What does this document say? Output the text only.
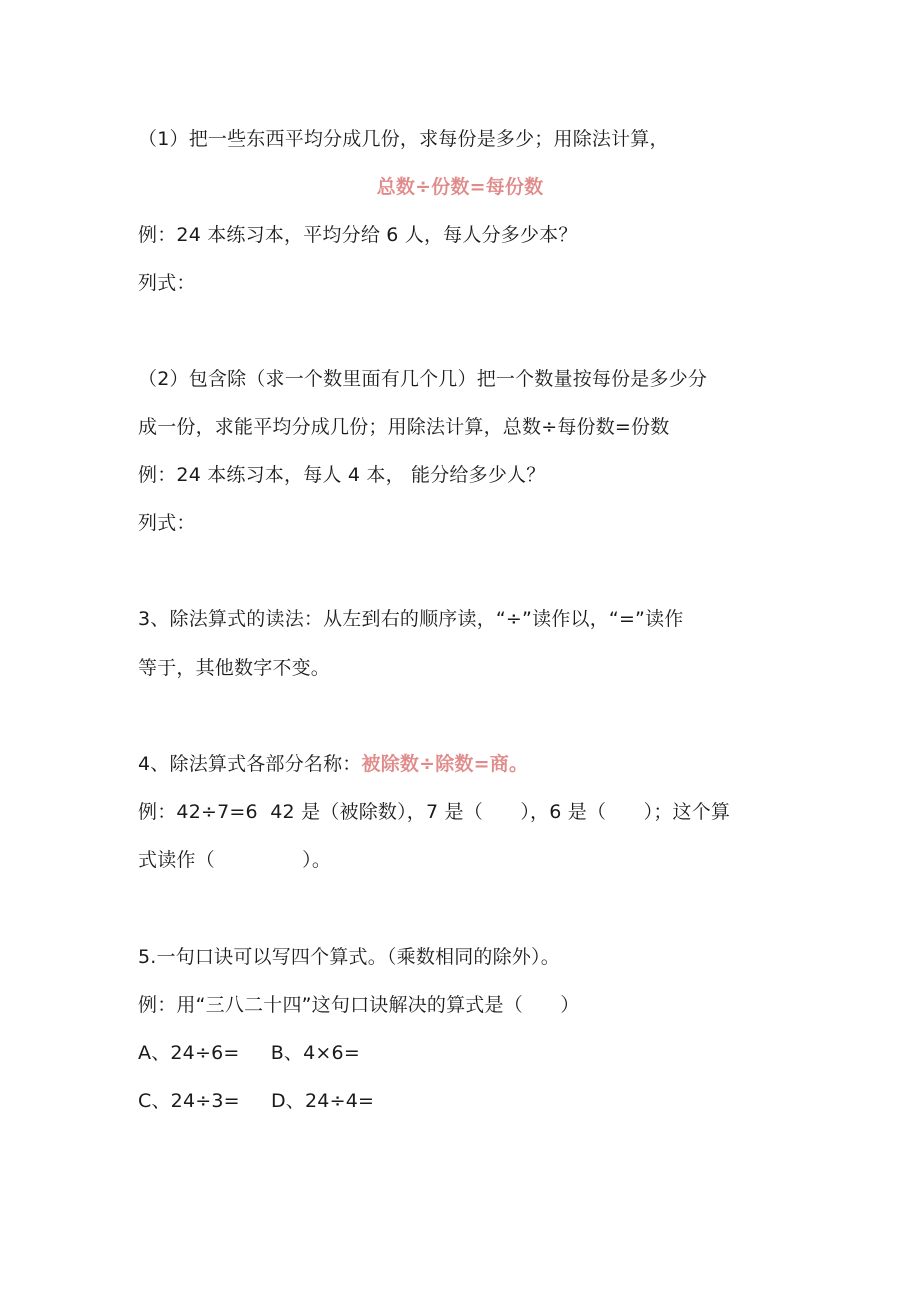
（1）把一些东西平均分成几份，求每份是多少；用除法计算，
总数÷份数=每份数
例：24 本练习本，平均分给 6 人，每人分多少本？
列式：
（2）包含除（求一个数里面有几个几）把一个数量按每份是多少分
成一份，求能平均分成几份；用除法计算，总数÷每份数=份数
例：24 本练习本，每人 4 本， 能分给多少人？
列式：
3、除法算式的读法：从左到右的顺序读，“÷”读作以，“=”读作
等于，其他数字不变。
4、除法算式各部分名称：被除数÷除数=商。
例：42÷7=6  42 是（被除数），7 是（      ），6 是（      ）；这个算
式读作（              ）。
5.一句口诀可以写四个算式。（乘数相同的除外）。
例：用“三八二十四”这句口诀解决的算式是（      ）
A、24÷6=     B、4×6=
C、24÷3=     D、24÷4=
